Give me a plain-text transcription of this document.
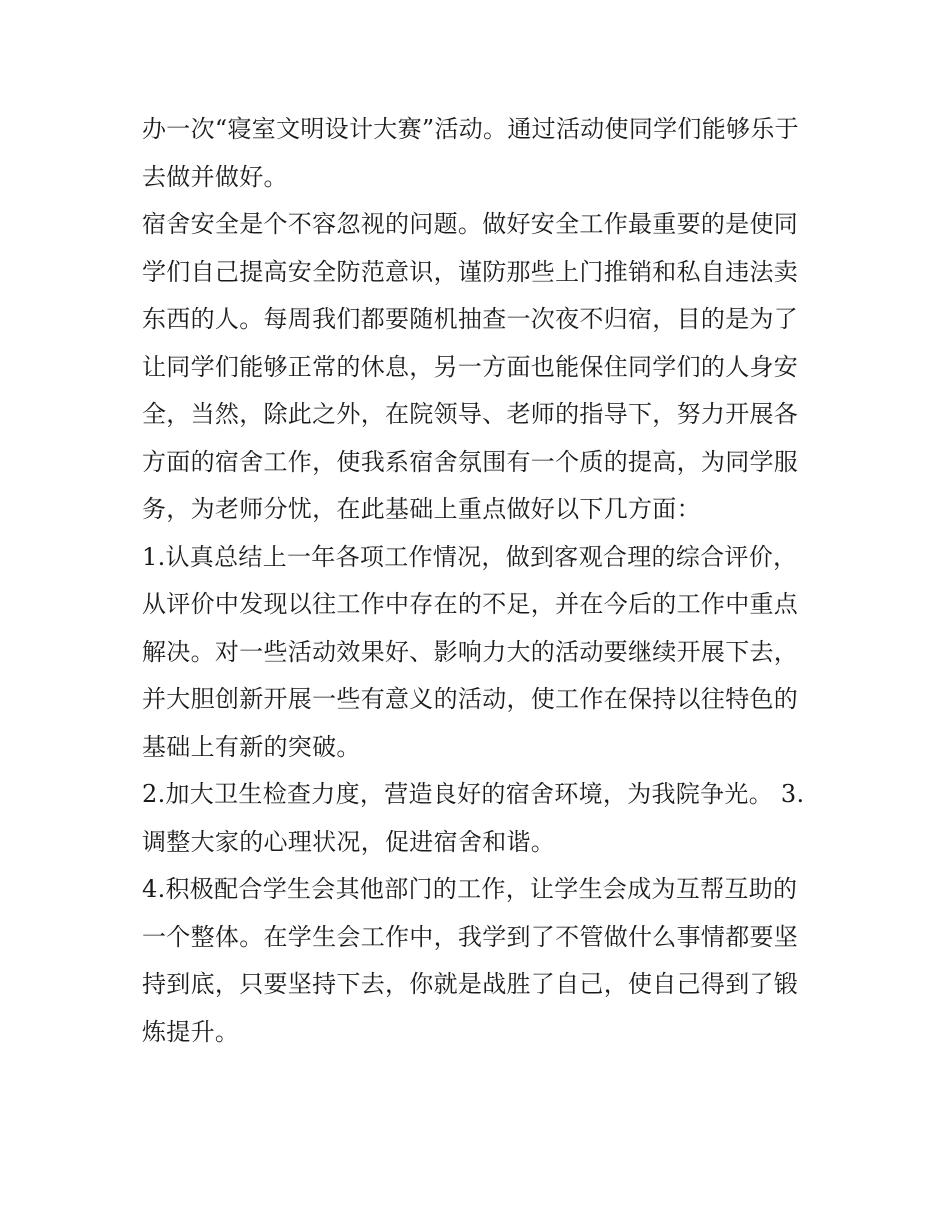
办一次“寝室文明设计大赛”活动。通过活动使同学们能够乐于
去做并做好。
宿舍安全是个不容忽视的问题。做好安全工作最重要的是使同
学们自己提高安全防范意识，谨防那些上门推销和私自违法卖
东西的人。每周我们都要随机抽查一次夜不归宿，目的是为了
让同学们能够正常的休息，另一方面也能保住同学们的人身安
全，当然，除此之外，在院领导、老师的指导下，努力开展各
方面的宿舍工作，使我系宿舍氛围有一个质的提高，为同学服
务，为老师分忧，在此基础上重点做好以下几方面：
1.认真总结上一年各项工作情况，做到客观合理的综合评价，
从评价中发现以往工作中存在的不足，并在今后的工作中重点
解决。对一些活动效果好、影响力大的活动要继续开展下去，
并大胆创新开展一些有意义的活动，使工作在保持以往特色的
基础上有新的突破。
2.加大卫生检查力度，营造良好的宿舍环境，为我院争光。 3.
调整大家的心理状况，促进宿舍和谐。
4.积极配合学生会其他部门的工作，让学生会成为互帮互助的
一个整体。在学生会工作中，我学到了不管做什么事情都要坚
持到底，只要坚持下去，你就是战胜了自己，使自己得到了锻
炼提升。
